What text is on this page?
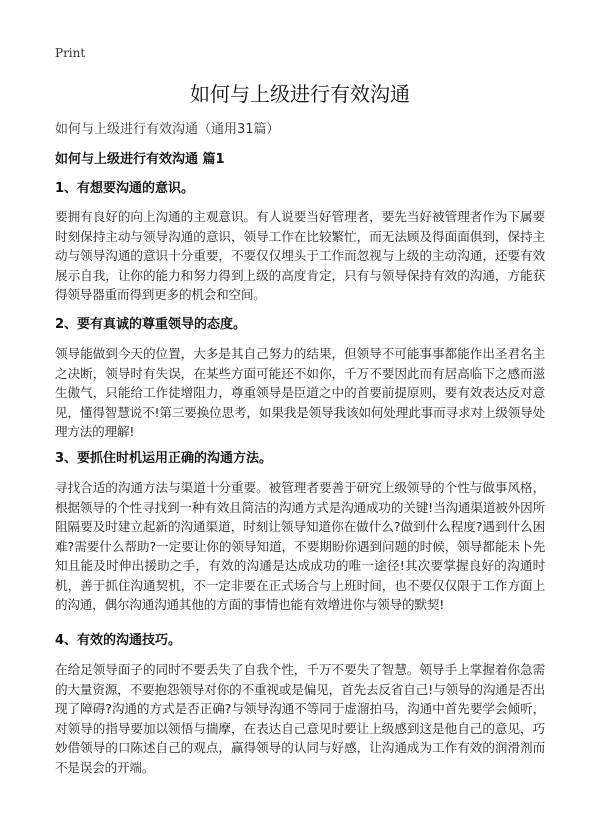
Print
如何与上级进行有效沟通
如何与上级进行有效沟通（通用31篇）
如何与上级进行有效沟通 篇1
1、有想要沟通的意识。

要拥有良好的向上沟通的主观意识。有人说要当好管理者，要先当好被管理者作为下属要时刻保持主动与领导沟通的意识，领导工作在比较繁忙，而无法顾及得面面俱到，保持主动与领导沟通的意识十分重要，不要仅仅埋头于工作而忽视与上级的主动沟通，还要有效展示自我，让你的能力和努力得到上级的高度肯定，只有与领导保持有效的沟通，方能获得领导器重而得到更多的机会和空间。

2、要有真诚的尊重领导的态度。

领导能做到今天的位置，大多是其自己努力的结果，但领导不可能事事都能作出圣君名主之决断，领导时有失误，在某些方面可能还不如你，千万不要因此而有居高临下之感而滋生傲气，只能给工作徒增阻力，尊重领导是臣道之中的首要前提原则，要有效表达反对意见，懂得智慧说不!第三要换位思考，如果我是领导我该如何处理此事而寻求对上级领导处理方法的理解!

3、要抓住时机运用正确的沟通方法。

寻找合适的沟通方法与渠道十分重要。被管理者要善于研究上级领导的个性与做事风格，根据领导的个性寻找到一种有效且简洁的沟通方式是沟通成功的关键!当沟通渠道被外因所阻隔要及时建立起新的沟通渠道，时刻让领导知道你在做什么?做到什么程度?遇到什么困难?需要什么帮助?一定要让你的领导知道，不要期盼你遇到问题的时候，领导都能未卜先知且能及时伸出援助之手，有效的沟通是达成成功的唯一途径!其次要掌握良好的沟通时机，善于抓住沟通契机，不一定非要在正式场合与上班时间，也不要仅仅限于工作方面上的沟通，偶尔沟通沟通其他的方面的事情也能有效增进你与领导的默契!

4、有效的沟通技巧。

在给足领导面子的同时不要丢失了自我个性，千万不要失了智慧。领导手上掌握着你急需的大量资源，不要抱怨领导对你的不重视或是偏见，首先去反省自己!与领导的沟通是否出现了障碍?沟通的方式是否正确?与领导沟通不等同于虚溜拍马，沟通中首先要学会倾听，对领导的指导要加以领悟与揣摩，在表达自己意见时要让上级感到这是他自己的意见，巧妙借领导的口陈述自己的观点，赢得领导的认同与好感，让沟通成为工作有效的润滑剂而不是误会的开端。
